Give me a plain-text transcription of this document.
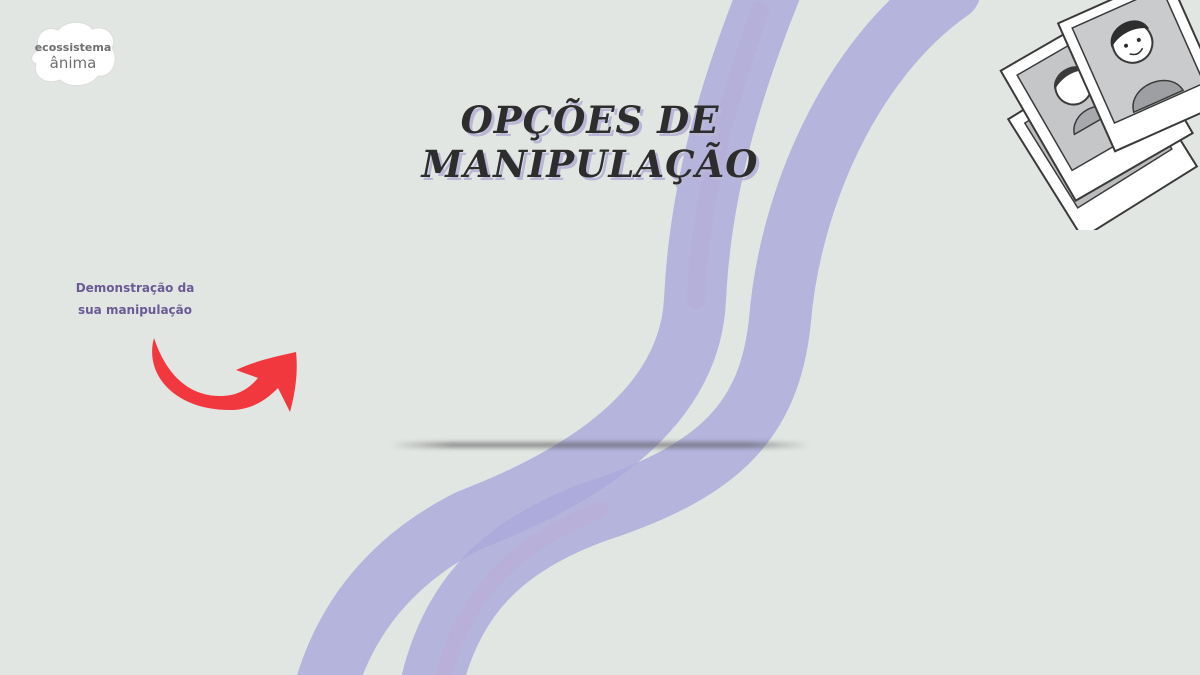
ecossistema
ânima
OPÇÕES DE MANIPULAÇÃO
Demonstração da
sua manipulação
